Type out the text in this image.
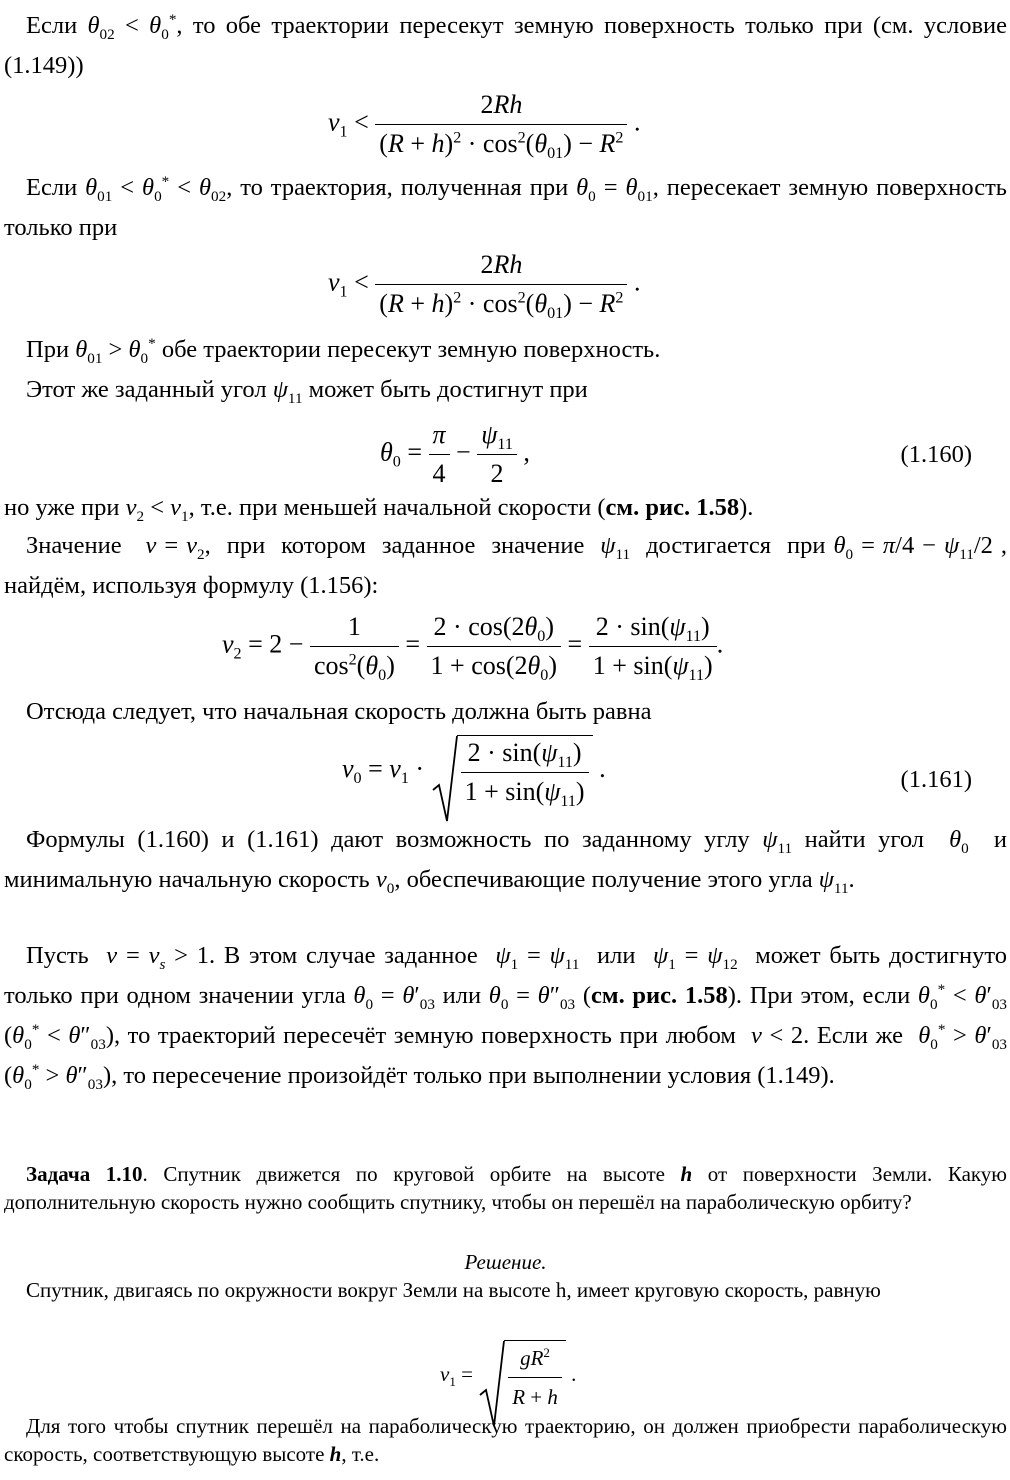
Если $\theta_{02} < \theta_0^*$, то обе траектории пересекут земную поверхность только при (см. условие (1.149))

$v_1 < \frac{2Rh}{(R + h)^2 \cdot \cos^2(\theta_{01}) - R^2}$ .

Если $\theta_{01} < \theta_0^* < \theta_{02}$, то траектория, полученная при $\theta_0 = \theta_{01}$, пересекает земную поверхность только при

$v_1 < \frac{2Rh}{(R + h)^2 \cdot \cos^2(\theta_{01}) - R^2}$ .

При $\theta_{01} > \theta_0^*$ обе траектории пересекут земную поверхность.

Этот же заданный угол $\psi_{11}$ может быть достигнут при

$\theta_0 = \frac{\pi}{4} - \frac{\psi_{11}}{2}$ ,	(1.160)

но уже при $v_2 < v_1$, т.е. при меньшей начальной скорости (см. рис. 1.58).

Значение   $v = v_2$,  при  котором  заданное  значение  $\psi_{11}$  достигается  при $\theta_0 = \pi/4 - \psi_{11}/2$ , найдём, используя формулу (1.156):

$v_2 = 2 - \frac{1}{\cos^2(\theta_0)} = \frac{2 \cdot \cos(2\theta_0)}{1 + \cos(2\theta_0)} = \frac{2 \cdot \sin(\psi_{11})}{1 + \sin(\psi_{11})}$ .

Отсюда следует, что начальная скорость должна быть равна

$v_0 = v_1 \cdot \frac{2 \cdot \sin(\psi_{11})}{1 + \sin(\psi_{11})}$ .	(1.161)

Формулы (1.160) и (1.161) дают возможность по заданному углу $\psi_{11}$ найти угол  $\theta_0$  и минимальную начальную скорость $v_0$, обеспечивающие получение этого угла $\psi_{11}$.

Пусть  $v = v_s > 1$. В этом случае заданное  $\psi_1 = \psi_{11}$  или  $\psi_1 = \psi_{12}$  может быть достигнуто только при одном значении угла $\theta_0 = \theta'_{03}$ или $\theta_0 = \theta''_{03}$ (см. рис. 1.58). При этом, если $\theta_0^* < \theta'_{03}$ $(\theta_0^* < \theta''_{03})$, то траекторий пересечёт земную поверхность при любом  v < 2. Если же  $\theta_0^* > \theta'_{03}$ $(\theta_0^* > \theta''_{03})$, то пересечение произойдёт только при выполнении условия (1.149).

Задача 1.10. Спутник движется по круговой орбите на высоте h от поверхности Земли. Какую дополнительную скорость нужно сообщить спутнику, чтобы он перешёл на параболическую орбиту?

Решение.

Спутник, двигаясь по окружности вокруг Земли на высоте h, имеет круговую скорость, равную

$v_1 = \frac{gR^2}{R + h}$ .

Для того чтобы спутник перешёл на параболическую траекторию, он должен приобрести параболическую скорость, соответствующую высоте h, т.е.
